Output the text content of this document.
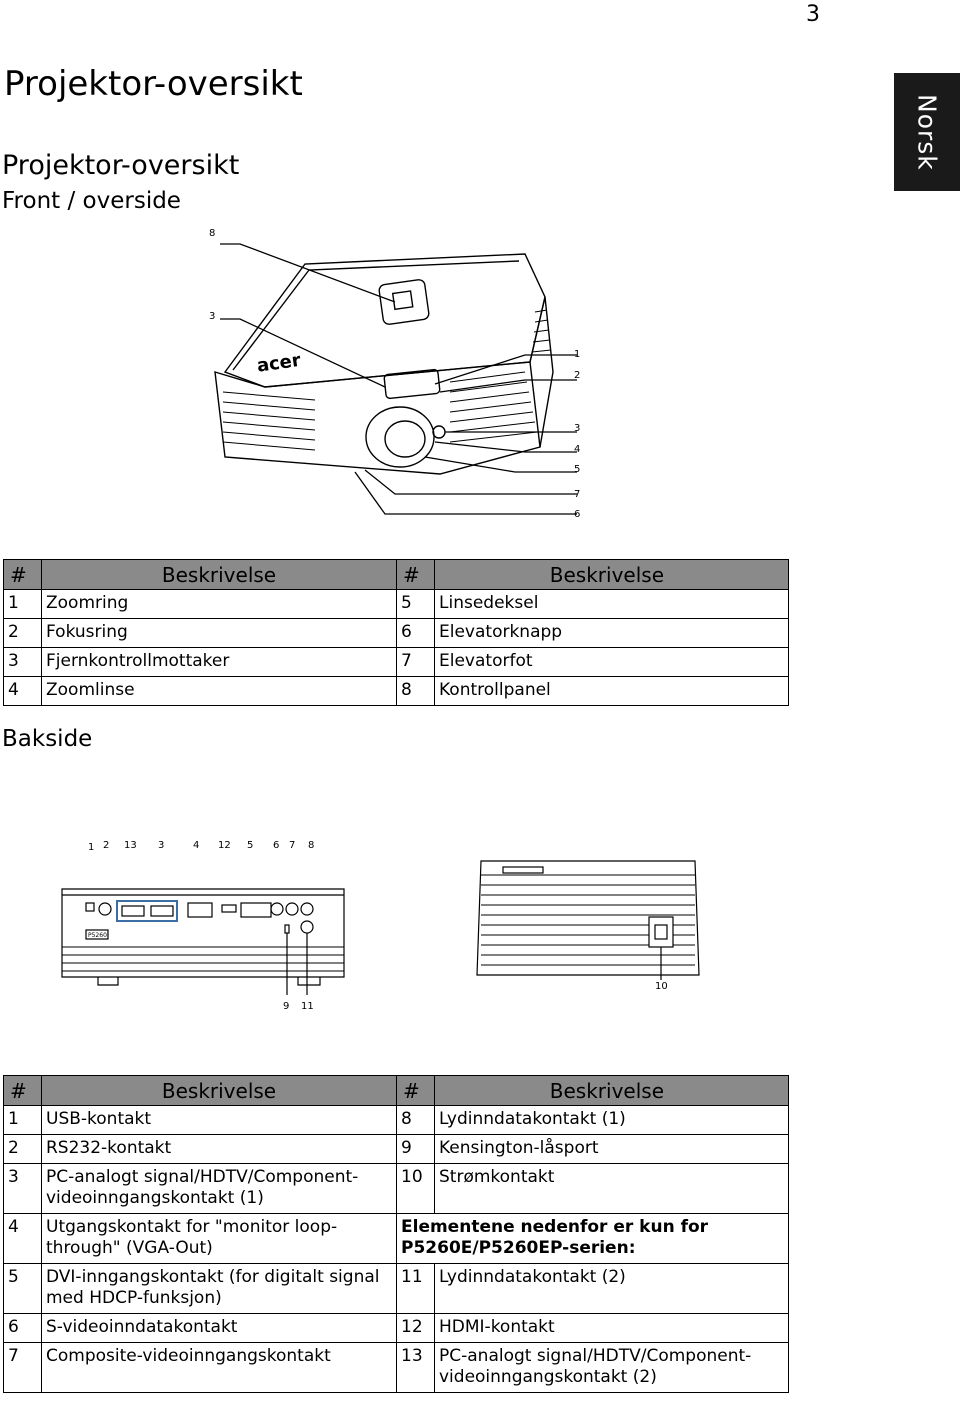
3
Norsk
Projektor-oversikt
Projektor-oversikt
Front / overside
acer
8
3
1
2
3
4
5
7
6
#	Beskrivelse	#	Beskrivelse
1	Zoomring	5	Linsedeksel
2	Fokusring	6	Elevatorknapp
3	Fjernkontrollmottaker	7	Elevatorfot
4	Zoomlinse	8	Kontrollpanel
Bakside
P5260i
1 2 13 3	4 12 5 6 7 8
9 11
10
#	Beskrivelse	#	Beskrivelse
1	USB-kontakt	8	Lydinndatakontakt (1)
2	RS232-kontakt	9	Kensington-låsport
3	PC-analogt signal/HDTV/Component-videoinngangskontakt (1)	10	Strømkontakt
4	Utgangskontakt for "monitor loop-through" (VGA-Out)	Elementene nedenfor er kun for P5260E/P5260EP-serien:	
5	DVI-inngangskontakt (for digitalt signal med HDCP-funksjon)	11	Lydinndatakontakt (2)
6	S-videoinndatakontakt	12	HDMI-kontakt
7	Composite-videoinngangskontakt	13	PC-analogt signal/HDTV/Component-videoinngangskontakt (2)
